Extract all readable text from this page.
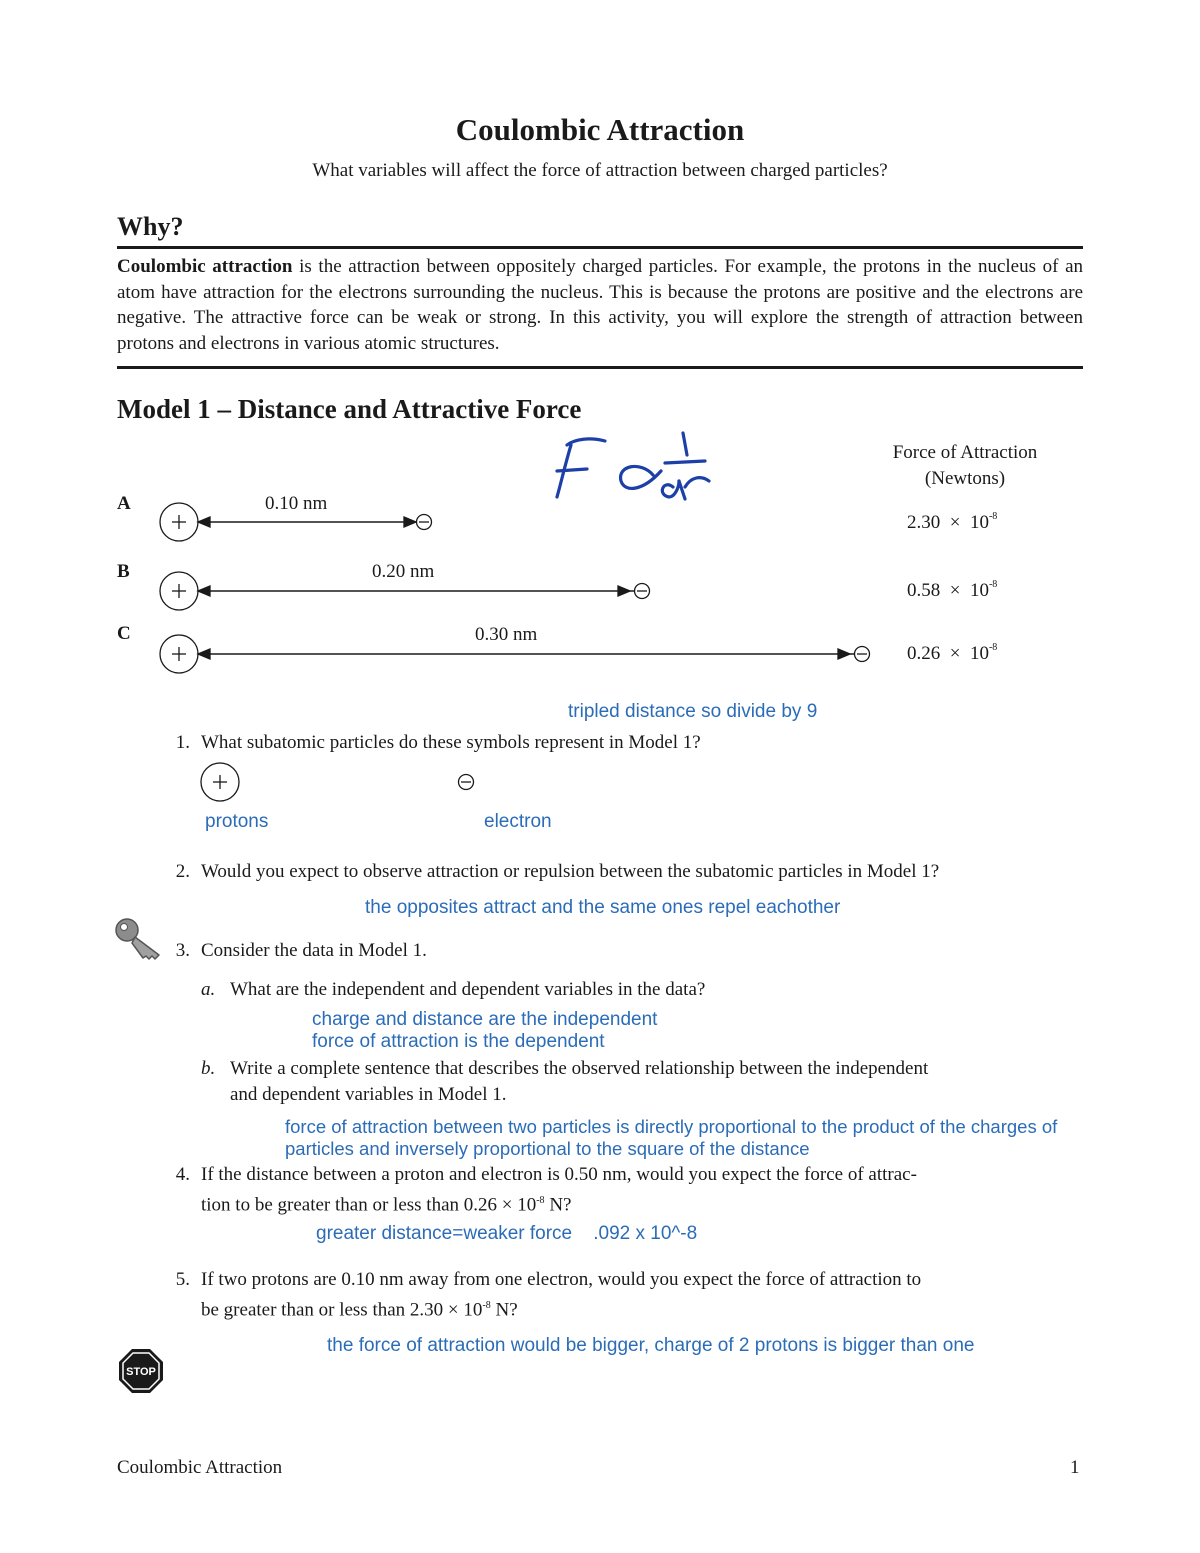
Coulombic Attraction
What variables will affect the force of attraction between charged particles?
Why?
Coulombic attraction is the attraction between oppositely charged particles. For example, the protons in the nucleus of an atom have attraction for the electrons surrounding the nucleus. This is because the protons are positive and the electrons are negative. The attractive force can be weak or strong. In this activity, you will explore the strength of attraction between protons and electrons in various atomic structures.
Model 1 – Distance and Attractive Force
Force of Attraction
(Newtons)
A
B
C
0.10 nm
0.20 nm
0.30 nm
$2.30 \times 10^{-8}$
$0.58 \times 10^{-8}$
$0.26 \times 10^{-8}$
tripled distance so divide by 9
1. What subatomic particles do these symbols represent in Model 1?
protons	electron
2. Would you expect to observe attraction or repulsion between the subatomic particles in Model 1?
the opposites attract and the same ones repel eachother
3. Consider the data in Model 1.
a. What are the independent and dependent variables in the data?
charge and distance are the independent
force of attraction is the dependent
b. Write a complete sentence that describes the observed relationship between the independent
and dependent variables in Model 1.
force of attraction between two particles is directly proportional to the product of the charges of
particles and inversely proportional to the square of the distance
4. If the distance between a proton and electron is 0.50 nm, would you expect the force of attrac-
tion to be greater than or less than $0.26 \times 10^{-8}$ N?
greater distance=weaker force    .092 x 10^-8
5. If two protons are 0.10 nm away from one electron, would you expect the force of attraction to
be greater than or less than $2.30 \times 10^{-8}$ N?
the force of attraction would be bigger, charge of 2 protons is bigger than one
STOP
Coulombic Attraction	1
